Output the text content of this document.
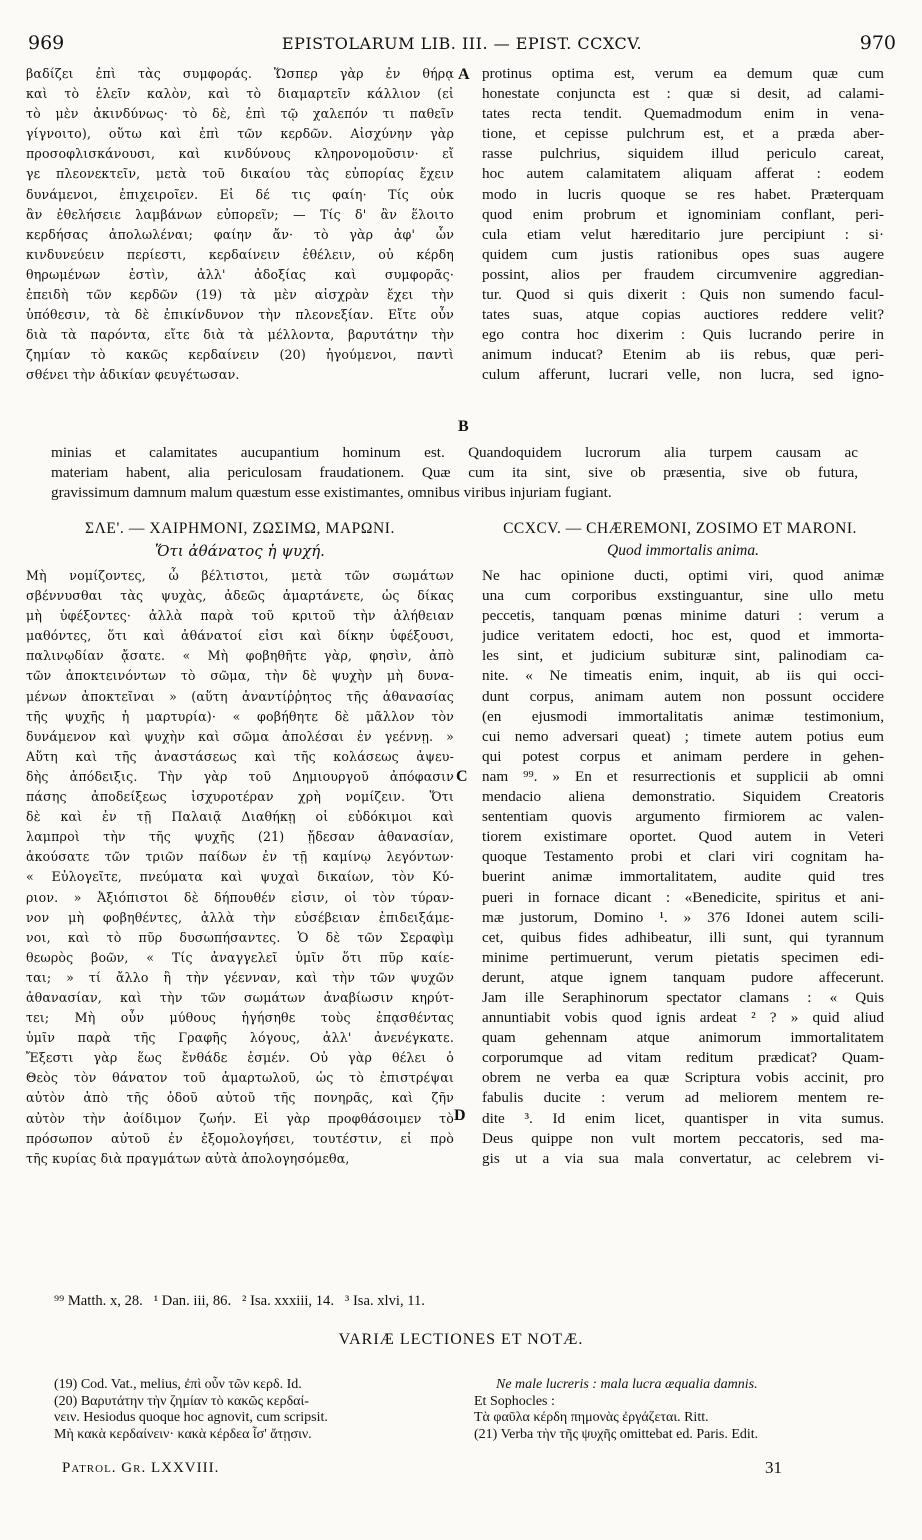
969	EPISTOLARUM LIB. III. — EPIST. CCXCV.	970
βαδίζει ἐπὶ τὰς συμφοράς. Ὥσπερ γὰρ ἐν θήρᾳ
καὶ τὸ ἑλεῖν καλὸν, καὶ τὸ διαμαρτεῖν κάλλιον (εἰ
τὸ μὲν ἀκινδύνως· τὸ δὲ, ἐπὶ τῷ χαλεπόν τι παθεῖν
γίγνοιτο), οὕτω καὶ ἐπὶ τῶν κερδῶν. Αἰσχύνην γὰρ
προσοφλισκάνουσι, καὶ κινδύνους κληρονομοῦσιν· εἴ
γε πλεονεκτεῖν, μετὰ τοῦ δικαίου τὰς εὐπορίας ἔχειν
δυνάμενοι, ἐπιχειροῖεν. Εἰ δέ τις φαίη· Τίς οὐκ
ἂν ἐθελήσειε λαμβάνων εὐπορεῖν; — Τίς δ' ἂν ἕλοιτο
κερδήσας ἀπολωλέναι; φαίην ἄν· τὸ γὰρ ἀφ' ὧν
κινδυνεύειν περίεστι, κερδαίνειν ἐθέλειν, οὐ κέρδη
θηρωμένων ἐστὶν, ἀλλ' ἀδοξίας καὶ συμφορᾶς·
ἐπειδὴ τῶν κερδῶν (19) τὰ μὲν αἰσχρὰν ἔχει τὴν
ὑπόθεσιν, τὰ δὲ ἐπικίνδυνον τὴν πλεονεξίαν. Εἴτε οὖν
διὰ τὰ παρόντα, εἴτε διὰ τὰ μέλλοντα, βαρυτάτην τὴν
ζημίαν τὸ κακῶς κερδαίνειν (20) ἡγούμενοι, παντὶ
σθένει τὴν ἀδικίαν φευγέτωσαν.
protinus optima est, verum ea demum quæ cum
honestate conjuncta est : quæ si desit, ad calami-
tates recta tendit. Quemadmodum enim in vena-
tione, et cepisse pulchrum est, et a præda aber-
rasse pulchrius, siquidem illud periculo careat,
hoc autem calamitatem aliquam afferat : eodem
modo in lucris quoque se res habet. Præterquam
quod enim probrum et ignominiam conflant, peri-
cula etiam velut hæreditario jure percipiunt : si·
quidem cum justis rationibus opes suas augere
possint, alios per fraudem circumvenire aggredian-
tur. Quod si quis dixerit : Quis non sumendo facul-
tates suas, atque copias auctiores reddere velit?
ego contra hoc dixerim : Quis lucrando perire in
animum inducat? Etenim ab iis rebus, quæ peri-
culum afferunt, lucrari velle, non lucra, sed igno-
A
B
C
D
minias et calamitates aucupantium hominum est. Quandoquidem lucrorum alia turpem causam ac
materiam habent, alia periculosam fraudationem. Quæ cum ita sint, sive ob præsentia, sive ob futura,
gravissimum damnum malum quæstum esse existimantes, omnibus viribus injuriam fugiant.
ΣΛΕ'. — ΧΑΙΡΗΜΟΝΙ, ΖΩΣΙΜΩ, ΜΑΡΩΝΙ.
Ὅτι ἀθάνατος ἡ ψυχή.
CCXCV. — CHÆREMONI, ZOSIMO ET MARONI.
Quod immortalis anima.
Μὴ νομίζοντες, ὦ βέλτιστοι, μετὰ τῶν σωμάτων
σβέννυσθαι τὰς ψυχὰς, ἀδεῶς ἁμαρτάνετε, ὡς δίκας
μὴ ὑφέξοντες· ἀλλὰ παρὰ τοῦ κριτοῦ τὴν ἀλήθειαν
μαθόντες, ὅτι καὶ ἀθάνατοί εἰσι καὶ δίκην ὑφέξουσι,
παλινῳδίαν ᾄσατε. « Μὴ φοβηθῆτε γὰρ, φησὶν, ἀπὸ
τῶν ἀποκτεινόντων τὸ σῶμα, τὴν δὲ ψυχὴν μὴ δυνα-
μένων ἀποκτεῖναι » (αὕτη ἀναντίῤῥητος τῆς ἀθανασίας
τῆς ψυχῆς ἡ μαρτυρία)· « φοβήθητε δὲ μᾶλλον τὸν
δυνάμενον καὶ ψυχὴν καὶ σῶμα ἀπολέσαι ἐν γεέννῃ. »
Αὕτη καὶ τῆς ἀναστάσεως καὶ τῆς κολάσεως ἀψευ-
δὴς ἀπόδειξις. Τὴν γὰρ τοῦ Δημιουργοῦ ἀπόφασιν
πάσης ἀποδείξεως ἰσχυροτέραν χρὴ νομίζειν. Ὅτι
δὲ καὶ ἐν τῇ Παλαιᾷ Διαθήκῃ οἱ εὐδόκιμοι καὶ
λαμπροὶ τὴν τῆς ψυχῆς (21) ᾔδεσαν ἀθανασίαν,
ἀκούσατε τῶν τριῶν παίδων ἐν τῇ καμίνῳ λεγόντων·
« Εὐλογεῖτε, πνεύματα καὶ ψυχαὶ δικαίων, τὸν Κύ-
ριον. » Ἀξιόπιστοι δὲ δήπουθέν εἰσιν, οἱ τὸν τύραν-
νον μὴ φοβηθέντες, ἀλλὰ τὴν εὐσέβειαν ἐπιδειξάμε-
νοι, καὶ τὸ πῦρ δυσωπήσαντες. Ὁ δὲ τῶν Σεραφὶμ
θεωρὸς βοῶν, « Τίς ἀναγγελεῖ ὑμῖν ὅτι πῦρ καίε-
ται; » τί ἄλλο ἢ τὴν γέενναν, καὶ τὴν τῶν ψυχῶν
ἀθανασίαν, καὶ τὴν τῶν σωμάτων ἀναβίωσιν κηρύτ-
τει; Μὴ οὖν μύθους ἡγήσηθε τοὺς ἐπᾳσθέντας
ὑμῖν παρὰ τῆς Γραφῆς λόγους, ἀλλ' ἀνενέγκατε.
Ἔξεστι γὰρ ἕως ἔνθάδε ἐσμέν. Οὐ γὰρ θέλει ὁ
Θεὸς τὸν θάνατον τοῦ ἁμαρτωλοῦ, ὡς τὸ ἐπιστρέψαι
αὐτὸν ἀπὸ τῆς ὁδοῦ αὐτοῦ τῆς πονηρᾶς, καὶ ζῆν
αὐτὸν τὴν ἀοίδιμον ζωήν. Εἰ γὰρ προφθάσοιμεν τὸ
πρόσωπον αὐτοῦ ἐν ἐξομολογήσει, τουτέστιν, εἰ πρὸ
τῆς κυρίας διὰ πραγμάτων αὐτὰ ἀπολογησόμεθα,
Ne hac opinione ducti, optimi viri, quod animæ
una cum corporibus exstinguantur, sine ullo metu
peccetis, tanquam pœnas minime daturi : verum a
judice veritatem edocti, hoc est, quod et immorta-
les sint, et judicium subituræ sint, palinodiam ca-
nite. « Ne timeatis enim, inquit, ab iis qui occi-
dunt corpus, animam autem non possunt occidere
(en ejusmodi immortalitatis animæ testimonium,
cui nemo adversari queat) ; timete autem potius eum
qui potest corpus et animam perdere in gehen-
nam ⁹⁹. » En et resurrectionis et supplicii ab omni
mendacio aliena demonstratio. Siquidem Creatoris
sententiam quovis argumento firmiorem ac valen-
tiorem existimare oportet. Quod autem in Veteri
quoque Testamento probi et clari viri cognitam ha-
buerint animæ immortalitatem, audite quid tres
pueri in fornace dicant : «Benedicite, spiritus et ani-
mæ justorum, Domino ¹. » 376 Idonei autem scili-
cet, quibus fides adhibeatur, illi sunt, qui tyrannum
minime pertimuerunt, verum pietatis specimen edi-
derunt, atque ignem tanquam pudore affecerunt.
Jam ille Seraphinorum spectator clamans : « Quis
annuntiabit vobis quod ignis ardeat ² ? » quid aliud
quam gehennam atque animorum immortalitatem
corporumque ad vitam reditum prædicat? Quam-
obrem ne verba ea quæ Scriptura vobis accinit, pro
fabulis ducite : verum ad meliorem mentem re-
dite ³. Id enim licet, quantisper in vita sumus.
Deus quippe non vult mortem peccatoris, sed ma-
gis ut a via sua mala convertatur, ac celebrem vi-
⁹⁹ Matth. x, 28.   ¹ Dan. iii, 86.   ² Isa. xxxiii, 14.   ³ Isa. xlvi, 11.
VARIÆ LECTIONES ET NOTÆ.
(19) Cod. Vat., melius, ἐπὶ οὖν τῶν κερδ. Id.
(20) Βαρυτάτην τὴν ζημίαν τὸ κακῶς κερδαί-
νειν. Hesiodus quoque hoc agnovit, cum scripsit.
Μὴ κακὰ κερδαίνειν· κακὰ κέρδεα ἶσ' ἄτῃσιν.
Ne male lucreris : mala lucra æqualia damnis.
Et Sophocles :
Τὰ φαῦλα κέρδη πημονὰς ἐργάζεται. Ritt.
(21) Verba τὴν τῆς ψυχῆς omittebat ed. Paris. Edit.
Patrol. Gr. LXXVIII.	31
